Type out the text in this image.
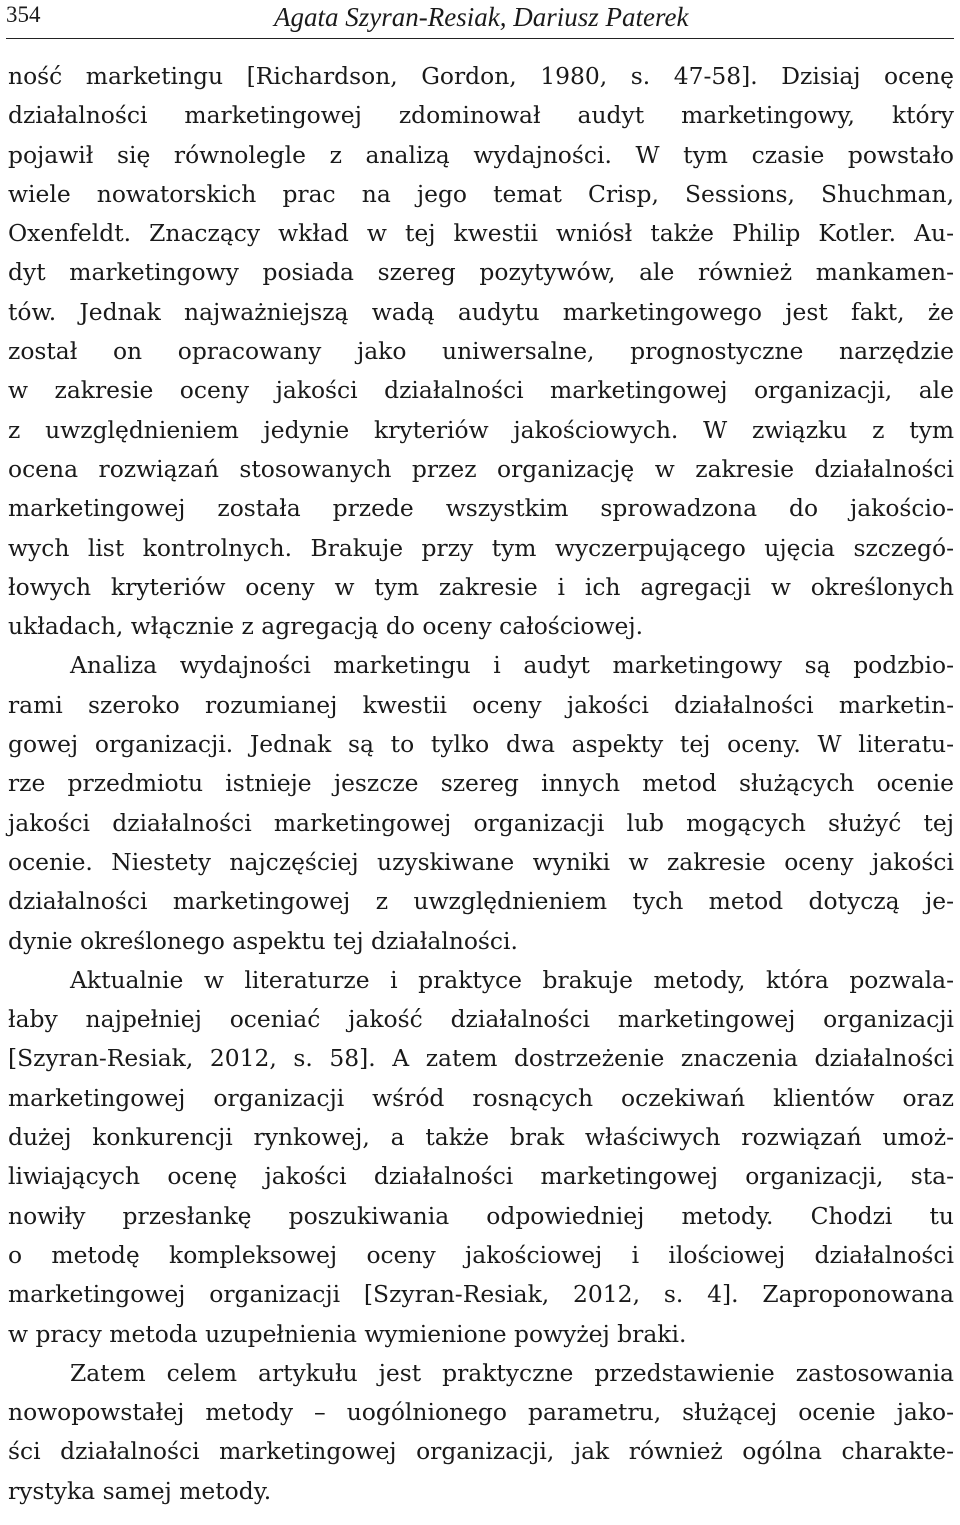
354	Agata Szyran-Resiak, Dariusz Paterek
ność marketingu [Richardson, Gordon, 1980, s. 47-58]. Dzisiaj ocenę
działalności marketingowej zdominował audyt marketingowy, który
pojawił się równolegle z analizą wydajności. W tym czasie powstało
wiele nowatorskich prac na jego temat Crisp, Sessions, Shuchman,
Oxenfeldt. Znaczący wkład w tej kwestii wniósł także Philip Kotler. Au-
dyt marketingowy posiada szereg pozytywów, ale również mankamen-
tów. Jednak najważniejszą wadą audytu marketingowego jest fakt, że
został on opracowany jako uniwersalne, prognostyczne narzędzie
w zakresie oceny jakości działalności marketingowej organizacji, ale
z uwzględnieniem jedynie kryteriów jakościowych. W związku z tym
ocena rozwiązań stosowanych przez organizację w zakresie działalności
marketingowej została przede wszystkim sprowadzona do jakościo-
wych list kontrolnych. Brakuje przy tym wyczerpującego ujęcia szczegó-
łowych kryteriów oceny w tym zakresie i ich agregacji w określonych
układach, włącznie z agregacją do oceny całościowej.
Analiza wydajności marketingu i audyt marketingowy są podzbio-
rami szeroko rozumianej kwestii oceny jakości działalności marketin-
gowej organizacji. Jednak są to tylko dwa aspekty tej oceny. W literatu-
rze przedmiotu istnieje jeszcze szereg innych metod służących ocenie
jakości działalności marketingowej organizacji lub mogących służyć tej
ocenie. Niestety najczęściej uzyskiwane wyniki w zakresie oceny jakości
działalności marketingowej z uwzględnieniem tych metod dotyczą je-
dynie określonego aspektu tej działalności.
Aktualnie w literaturze i praktyce brakuje metody, która pozwala-
łaby najpełniej oceniać jakość działalności marketingowej organizacji
[Szyran-Resiak, 2012, s. 58]. A zatem dostrzeżenie znaczenia działalności
marketingowej organizacji wśród rosnących oczekiwań klientów oraz
dużej konkurencji rynkowej, a także brak właściwych rozwiązań umoż-
liwiających ocenę jakości działalności marketingowej organizacji, sta-
nowiły przesłankę poszukiwania odpowiedniej metody. Chodzi tu
o metodę kompleksowej oceny jakościowej i ilościowej działalności
marketingowej organizacji [Szyran-Resiak, 2012, s. 4]. Zaproponowana
w pracy metoda uzupełnienia wymienione powyżej braki.
Zatem celem artykułu jest praktyczne przedstawienie zastosowania
nowopowstałej metody – uogólnionego parametru, służącej ocenie jako-
ści działalności marketingowej organizacji, jak również ogólna charakte-
rystyka samej metody.
